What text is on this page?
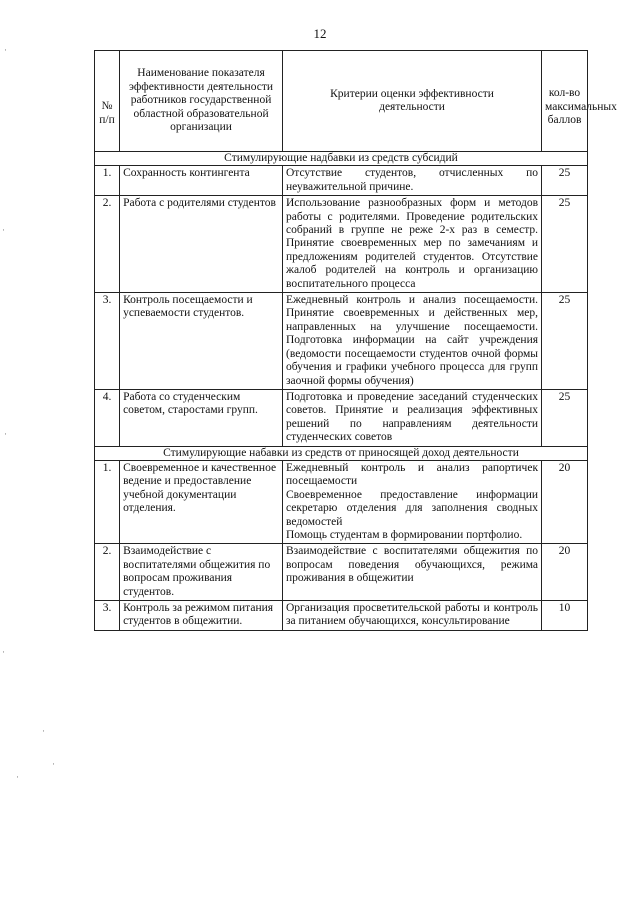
12
№ п/п	Наименование показателя эффективности деятельности работников государственной областной образовательной организации	Критерии оценки эффективности деятельности	кол-во максимальных баллов
Стимулирующие надбавки из средств субсидий			
1.	Сохранность контингента	Отсутствие студентов, отчисленных по неуважительной причине.	25
2.	Работа с родителями студентов	Использование разнообразных форм и методов работы с родителями. Проведение родительских собраний в группе не реже 2-х раз в семестр. Принятие своевременных мер по замечаниям и предложениям родителей студентов. Отсутствие жалоб родителей на контроль и организацию воспитательного процесса	25
3.	Контроль посещаемости и успеваемости студентов.	Ежедневный контроль и анализ посещаемости. Принятие своевременных и действенных мер, направленных на улучшение посещаемости. Подготовка информации на сайт учреждения (ведомости посещаемости студентов очной формы обучения и графики учебного процесса для групп заочной формы обучения)	25
4.	Работа со студенческим советом, старостами групп.	Подготовка и проведение заседаний студенческих советов. Принятие и реализация эффективных решений по направлениям деятельности студенческих советов	25
Стимулирующие набавки из средств от приносящей доход деятельности			
1.	Своевременное и качественное ведение и предоставление учебной документации отделения.	Ежедневный контроль и анализ рапортичек посещаемости
Своевременное предоставление информации секретарю отделения для заполнения сводных ведомостей
Помощь студентам в формировании портфолио.	20
2.	Взаимодействие с воспитателями общежития по вопросам проживания студентов.	Взаимодействие с воспитателями общежития по вопросам поведения обучающихся, режима проживания в общежитии	20
3.	Контроль за режимом питания студентов в общежитии.	Организация просветительской работы и контроль за питанием обучающихся, консультирование	10
·
·
·
·
·
·
·
